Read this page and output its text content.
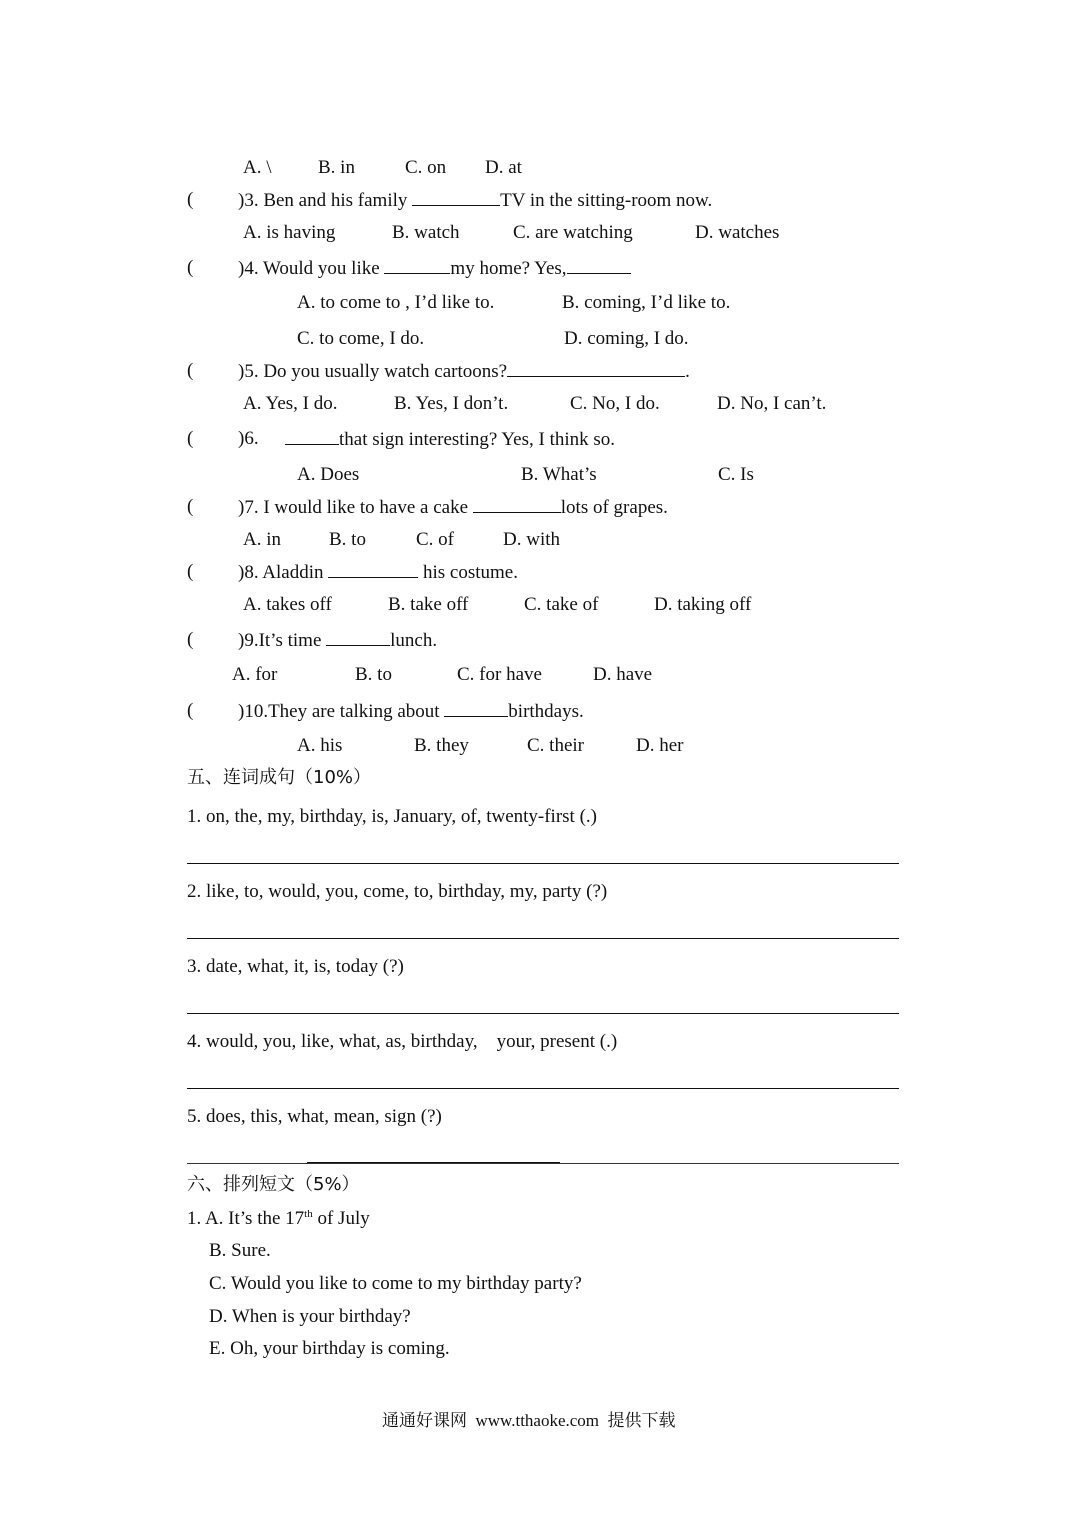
A. \ B. in	C. on D. at
( )3. Ben and his family	TV in the sitting-room now.
A. is having	B. watch	C. are watching	D. watches
( )4. Would you like	my home? Yes,
A. to come to , I’d like to.	B. coming, I’d like to.
C. to come, I do.	D. coming, I do.
( )5. Do you usually watch cartoons?	.
A. Yes, I do.	B. Yes, I don’t.	C. No, I do.	D. No, I can’t.
( )6.	that sign interesting? Yes, I think so.
A. Does	B. What’s	C. Is
( )7. I would like to have a cake	lots of grapes.
A. in	B. to	C. of	D. with
( )8. Aladdin	his costume.
A. takes off	B. take off	C. take of	D. taking off
( )9.It’s time	lunch.
A. for	B. to	C. for have	D. have
( )10.They are talking about	birthdays.
A. his	B. they	C. their	D. her
五、连词成句（10%）
1. on, the, my, birthday, is, January, of, twenty-first (.)
2. like, to, would, you, come, to, birthday, my, party (?)
3. date, what, it, is, today (?)
4. would, you, like, what, as, birthday,    your, present (.)
5. does, this, what, mean, sign (?)
六、排列短文（5%）
1. A. It’s the 17th of July
B. Sure.
C. Would you like to come to my birthday party?
D. When is your birthday?
E. Oh, your birthday is coming.
通通好课网  www.tthaoke.com  提供下载
